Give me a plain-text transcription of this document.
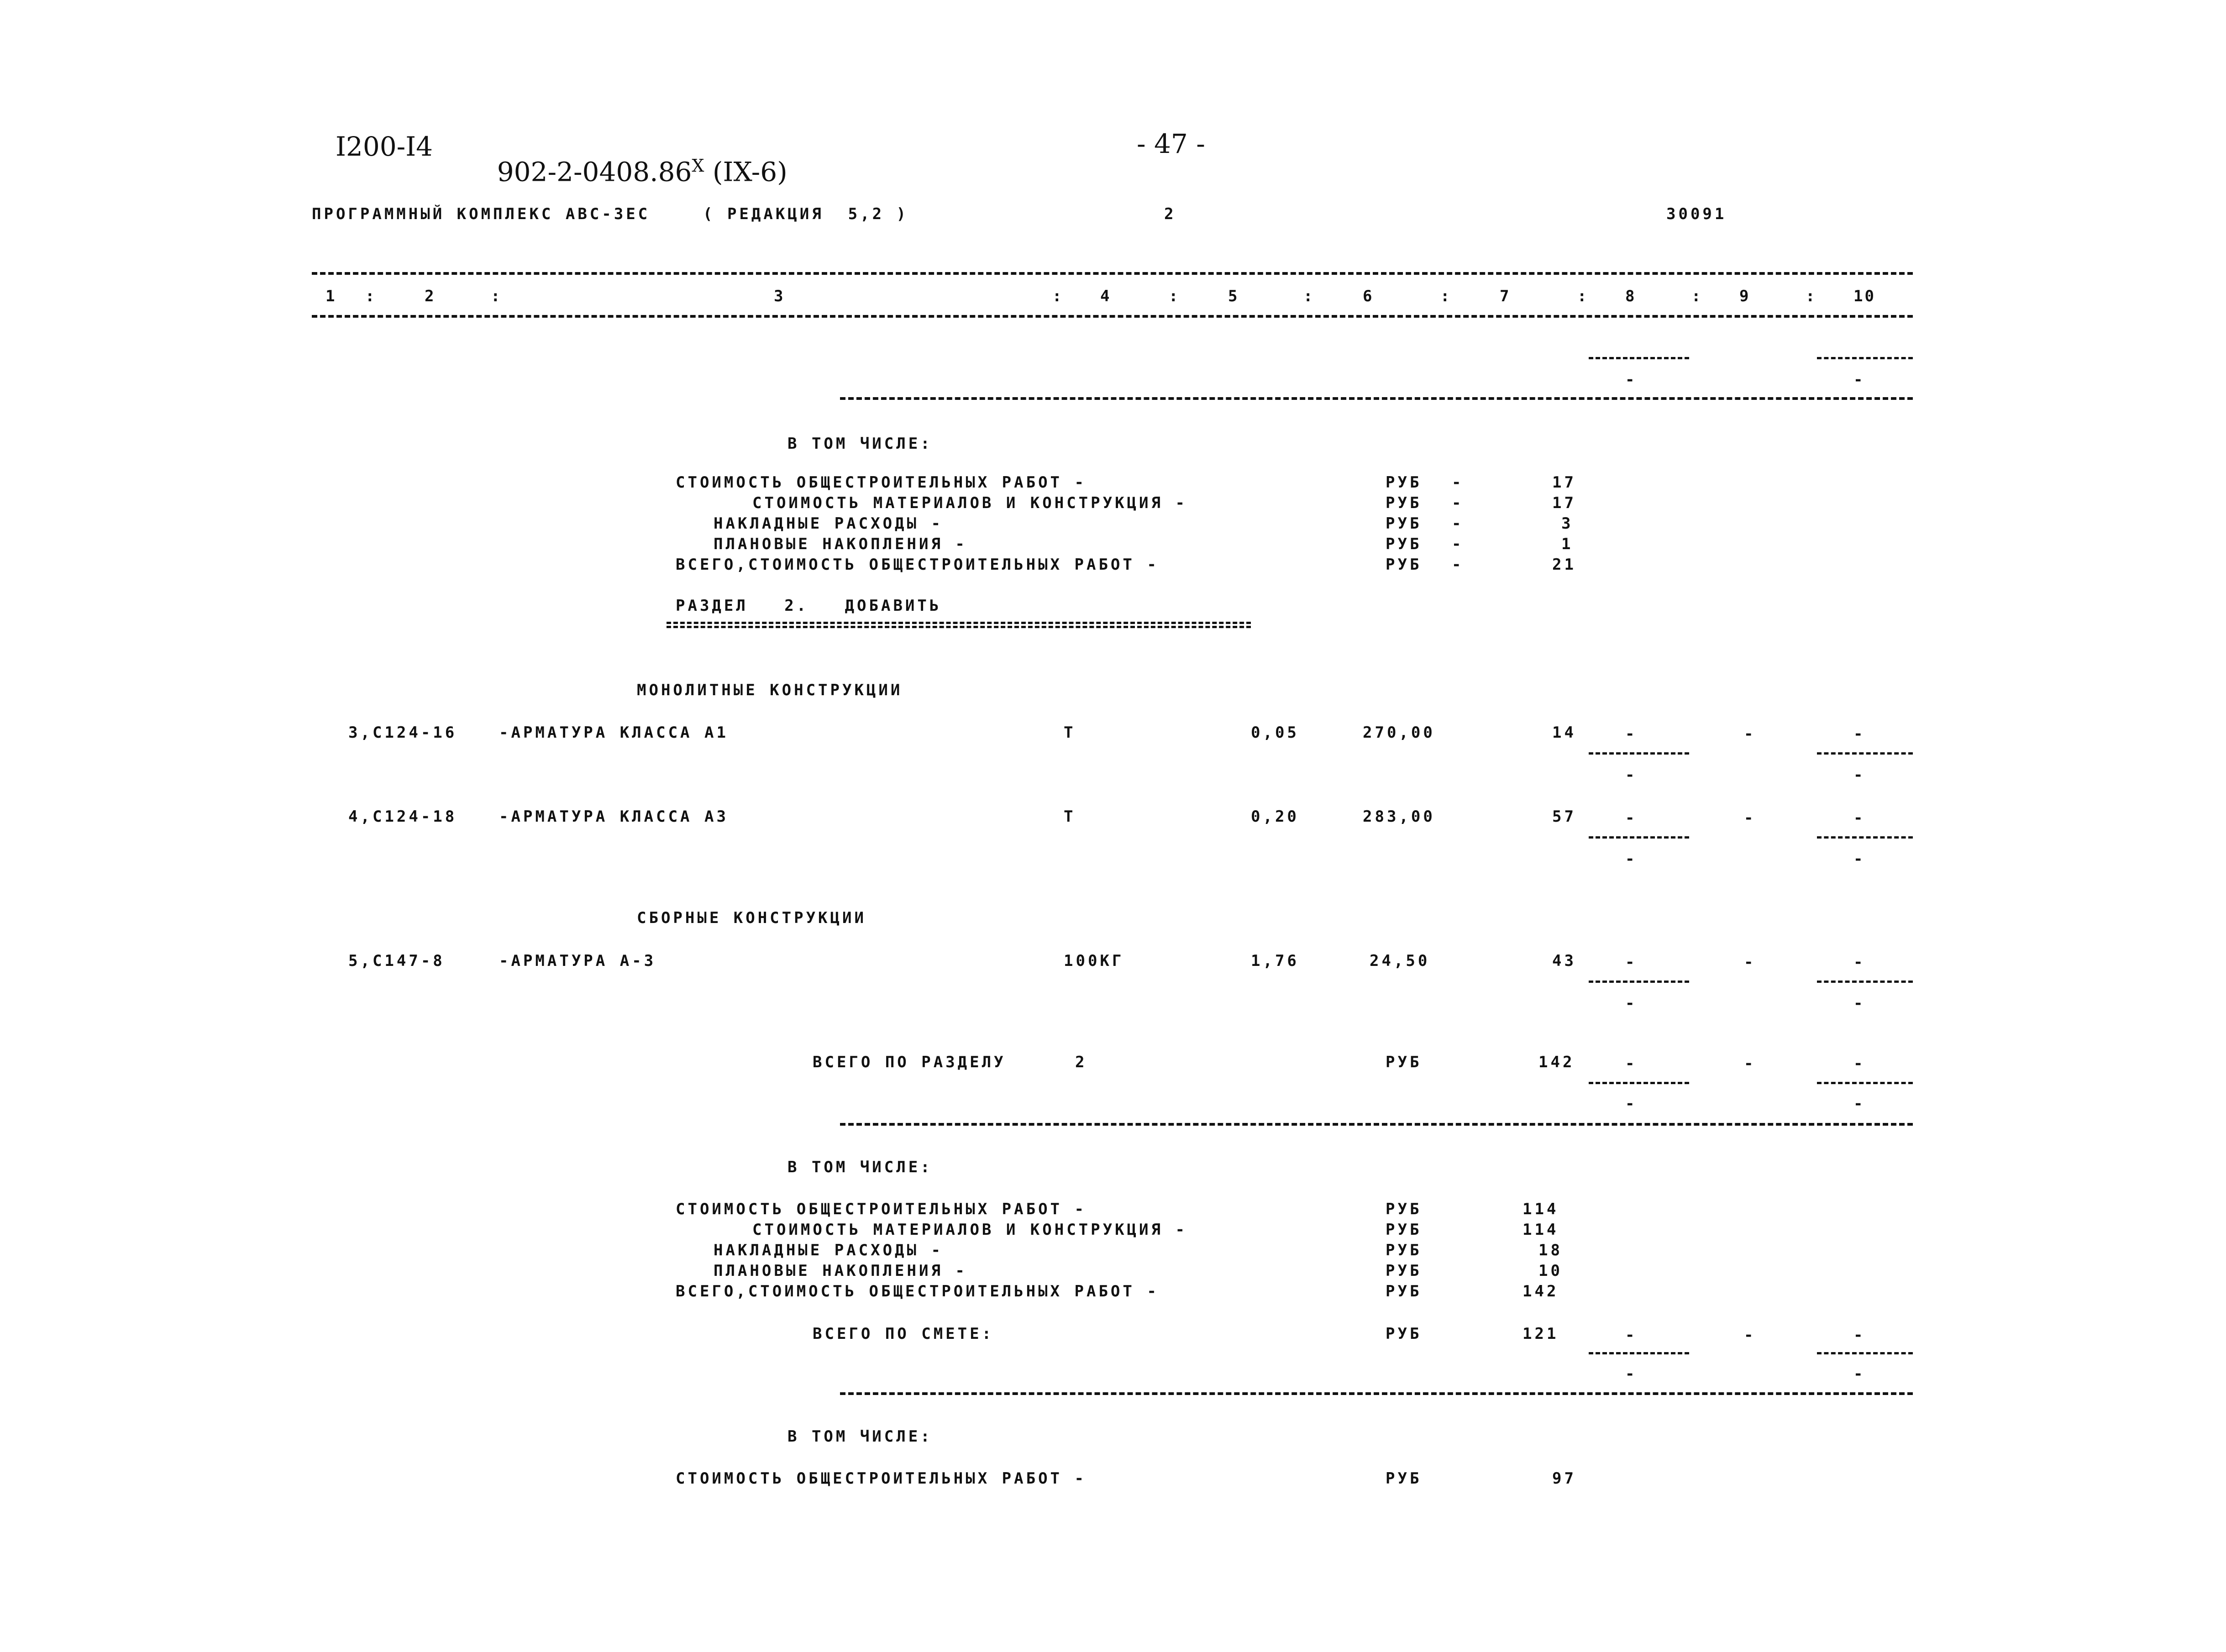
I200-I4

$902-2-0408.86^X$ (IX-6)

- 47 -
ПРОГРАММНЫЙ КОМПЛЕКС АВС-ЗЕС	( РЕДАКЦИЯ  5,2 )	2	30091
1 :	2	:	3	: 4	:	5	:	6	:	7	: 8	: 9	: 10
-	-
В ТОМ ЧИСЛЕ:
СТОИМОСТЬ ОБЩЕСТРОИТЕЛЬНЫХ РАБОТ -	РУБ -	17
СТОИМОСТЬ МАТЕРИАЛОВ И КОНСТРУКЦИЯ -	РУБ -	17
НАКЛАДНЫЕ РАСХОДЫ -	РУБ -	3
ПЛАНОВЫЕ НАКОПЛЕНИЯ -	РУБ -	1
ВСЕГО,СТОИМОСТЬ ОБЩЕСТРОИТЕЛЬНЫХ РАБОТ -	РУБ -	21
РАЗДЕЛ   2.   ДОБАВИТЬ
МОНОЛИТНЫЕ КОНСТРУКЦИИ
3,С124-16	-АРМАТУРА КЛАССА А1	Т	0,05	270,00	14	-	-	-
-	-
4,С124-18	-АРМАТУРА КЛАССА А3	Т	0,20	283,00	57	-	-	-
-	-
СБОРНЫЕ КОНСТРУКЦИИ
5,С147-8	-АРМАТУРА А-3	100КГ	1,76	24,50	43	-	-	-
-	-
ВСЕГО ПО РАЗДЕЛУ	2	РУБ	142	-	-	-
-	-
В ТОМ ЧИСЛЕ:
СТОИМОСТЬ ОБЩЕСТРОИТЕЛЬНЫХ РАБОТ -	РУБ	114
СТОИМОСТЬ МАТЕРИАЛОВ И КОНСТРУКЦИЯ -	РУБ	114
НАКЛАДНЫЕ РАСХОДЫ -	РУБ	18
ПЛАНОВЫЕ НАКОПЛЕНИЯ -	РУБ	10
ВСЕГО,СТОИМОСТЬ ОБЩЕСТРОИТЕЛЬНЫХ РАБОТ -	РУБ	142
ВСЕГО ПО СМЕТЕ:	РУБ	121	-	-	-
-	-
В ТОМ ЧИСЛЕ:
СТОИМОСТЬ ОБЩЕСТРОИТЕЛЬНЫХ РАБОТ -	РУБ	97
